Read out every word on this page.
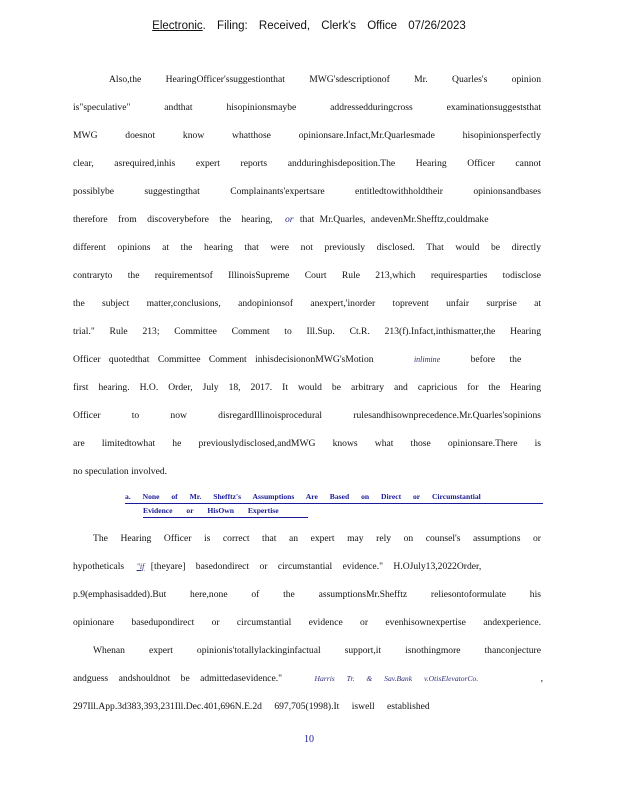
Electronic. Filing: Received, Clerk's Office 07/26/2023
Also,the HearingOfficer'ssuggestionthat MWG'sdescriptionof Mr. Quarles's opinion
is"speculative" andthat hisopinionsmaybe addressedduringcross examinationsuggeststhat
MWG doesnot know whatthose opinionsare.Infact,Mr.Quarlesmade hisopinionsperfectly
clear, asrequired,inhis expert reports andduringhisdeposition.The Hearing Officer cannot
possiblybe suggestingthat Complainants'expertsare entitledtowithholdtheir opinionsandbases
therefore from discoverybefore the hearing, or that Mr.Quarles, andevenMr.Shefftz,couldmake
different opinions at the hearing that were not previously disclosed. That would be directly
contraryto the requirementsof IllinoisSupreme Court Rule 213,which requiresparties todisclose
the subject matter,conclusions, andopinionsof anexpert,'inorder toprevent unfair surprise at
trial." Rule 213; Committee Comment to Ill.Sup. Ct.R. 213(f).Infact,inthismatter,the Hearing
Officer quotedthat Committee Comment inhisdecisiononMWG'sMotion	inlimine	before the
first hearing. H.O. Order, July 18, 2017. It would be arbitrary and capricious for the Hearing
Officer to now disregardIllinoisprocedural rulesandhisownprecedence.Mr.Quarles'sopinions
are limitedtowhat he previouslydisclosed,andMWG knows what those opinionsare.There is
no speculation involved.
a. None of Mr. Shefftz's Assumptions Are Based on Direct or Circumstantial
Evidence or HisOwn Expertise
The Hearing Officer is correct that an expert may rely on counsel's assumptions or
hypotheticals "if [theyare] basedondirect or circumstantial evidence." H.OJuly13,2022Order,
p.9(emphasisadded).But here,none of the assumptionsMr.Shefftz reliesontoformulate his
opinionare basedupondirect or circumstantial evidence or evenhisownexpertise andexperience.
Whenan expert opinionis'totallylackinginfactual support,it isnothingmore thanconjecture
andguess andshouldnot be admittedasevidence."	Harris Tr. & Sav.Bank v.OtisElevatorCo.	,
297Ill.App.3d383,393,231Ill.Dec.401,696N.E.2d 697,705(1998).It iswell established
10
